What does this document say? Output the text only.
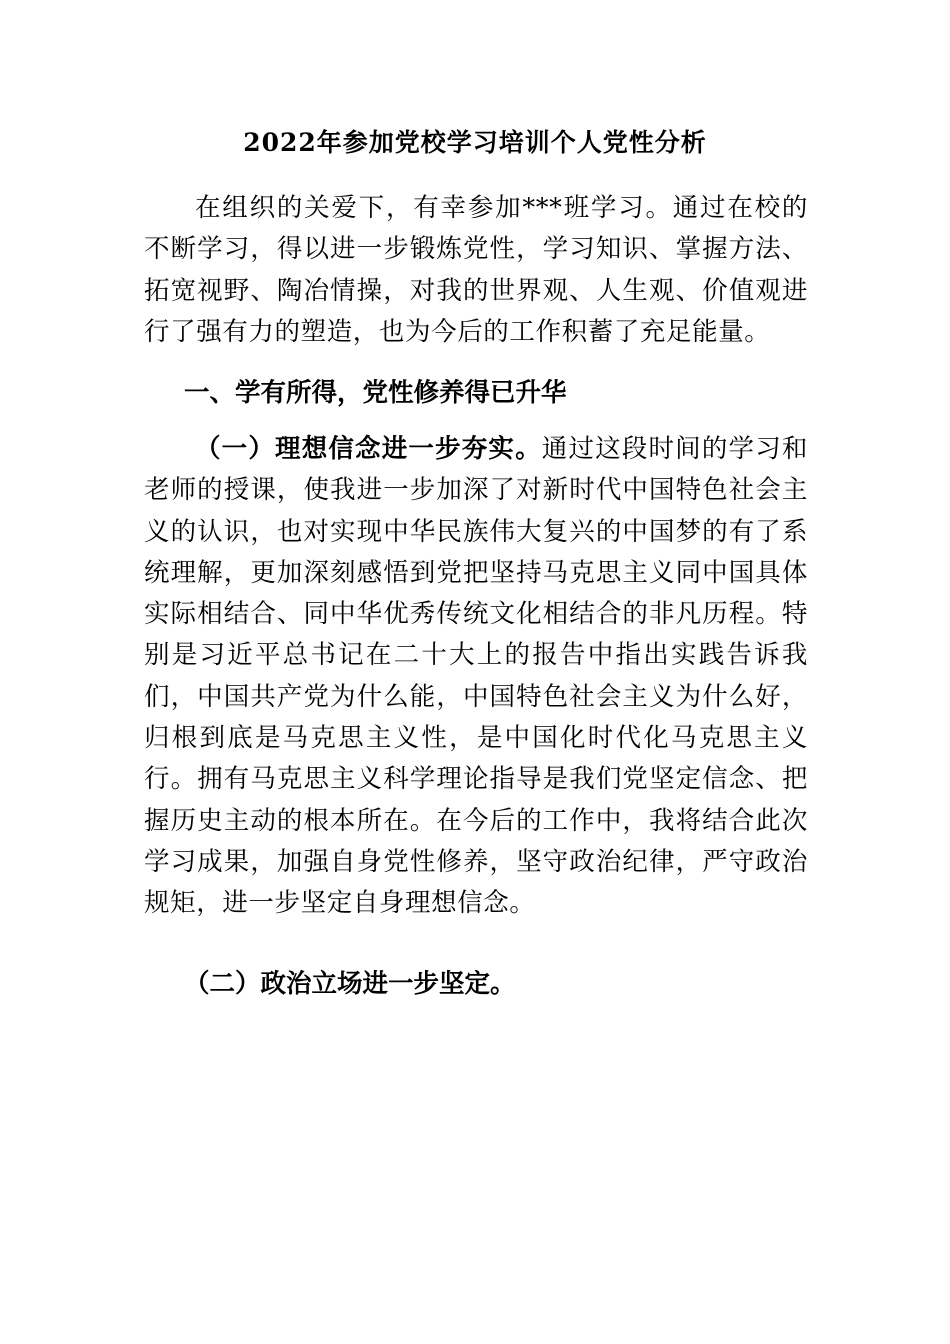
2022年参加党校学习培训个人党性分析

在组织的关爱下，有幸参加***班学习。通过在校的不断学习，得以进一步锻炼党性，学习知识、掌握方法、拓宽视野、陶冶情操，对我的世界观、人生观、价值观进行了强有力的塑造，也为今后的工作积蓄了充足能量。

一、学有所得，党性修养得已升华

（一）理想信念进一步夯实。通过这段时间的学习和老师的授课，使我进一步加深了对新时代中国特色社会主义的认识，也对实现中华民族伟大复兴的中国梦的有了系统理解，更加深刻感悟到党把坚持马克思主义同中国具体实际相结合、同中华优秀传统文化相结合的非凡历程。特别是习近平总书记在二十大上的报告中指出实践告诉我们，中国共产党为什么能，中国特色社会主义为什么好，归根到底是马克思主义性，是中国化时代化马克思主义行。拥有马克思主义科学理论指导是我们党坚定信念、把握历史主动的根本所在。在今后的工作中，我将结合此次学习成果，加强自身党性修养，坚守政治纪律，严守政治规矩，进一步坚定自身理想信念。

（二）政治立场进一步坚定。
